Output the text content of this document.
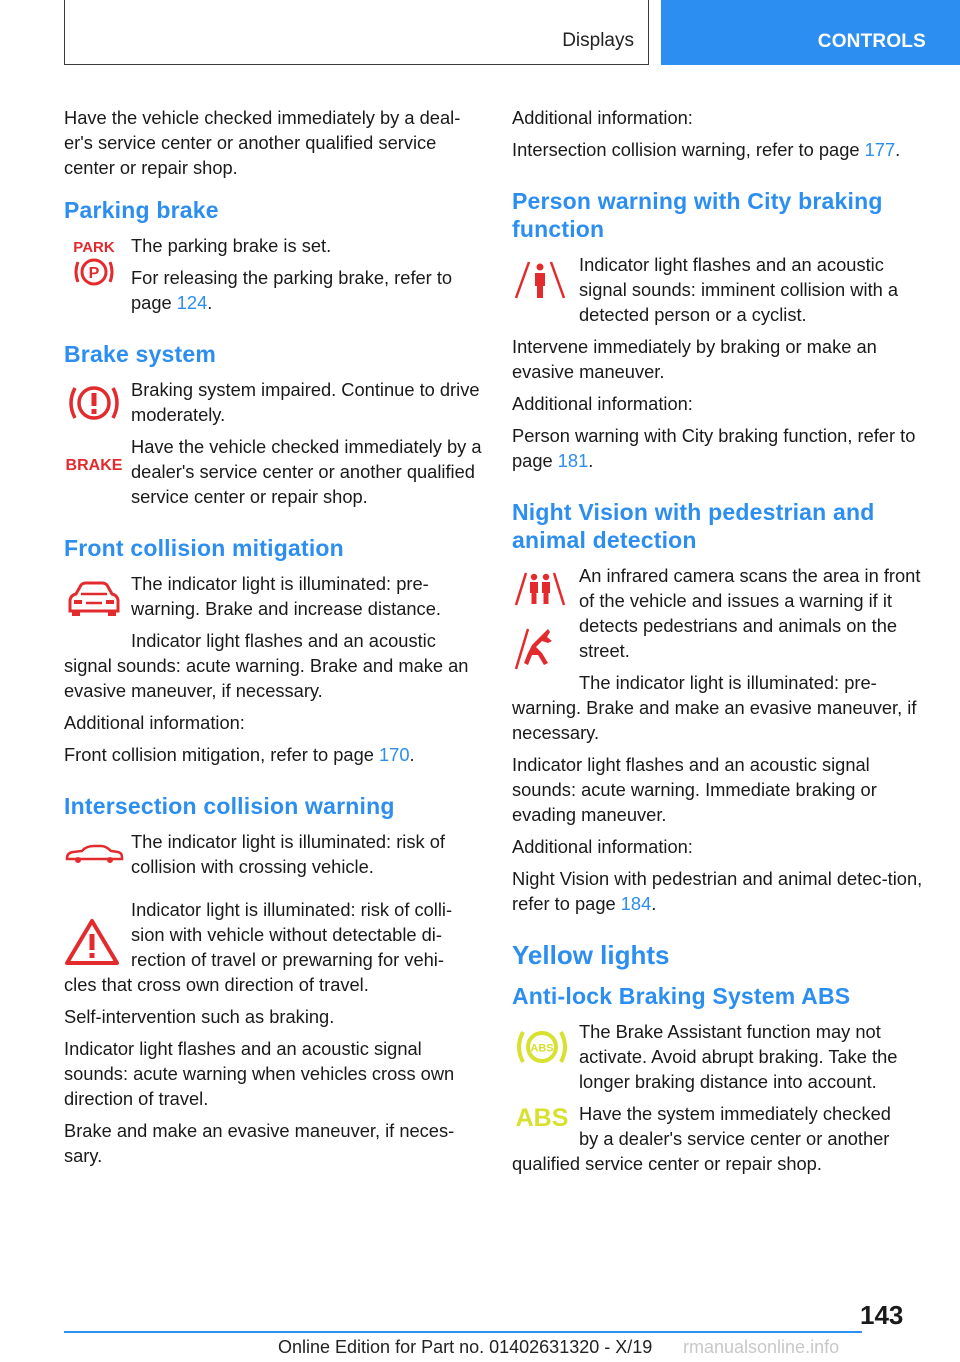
Displays	CONTROLS

Have the vehicle checked immediately by a deal‐er's service center or another qualified service center or repair shop.

Parking brake
PARK
P

The parking brake is set.

For releasing the parking brake, refer to page 124.

Brake system
BRAKE

Braking system impaired. Continue to drive moderately.

Have the vehicle checked immediately by a dealer's service center or another qualified service center or repair shop.

Front collision mitigation

The indicator light is illuminated: pre‐warning. Brake and increase distance.

Indicator light flashes and an acoustic
signal sounds: acute warning. Brake and make an evasive maneuver, if necessary.

Additional information:

Front collision mitigation, refer to page 170.

Intersection collision warning

The indicator light is illuminated: risk of collision with crossing vehicle.

Indicator light is illuminated: risk of colli‐sion with vehicle without detectable di‐rection of travel or prewarning for vehi‐
cles that cross own direction of travel.

Self-intervention such as braking.

Indicator light flashes and an acoustic signal sounds: acute warning when vehicles cross own direction of travel.

Brake and make an evasive maneuver, if neces‐sary.

Additional information:

Intersection collision warning, refer to page 177.

Person warning with City braking function

Indicator light flashes and an acoustic signal sounds: imminent collision with a detected person or a cyclist.

Intervene immediately by braking or make an evasive maneuver.

Additional information:

Person warning with City braking function, refer to page 181.

Night Vision with pedestrian and animal detection

An infrared camera scans the area in front of the vehicle and issues a warning if it detects pedestrians and animals on the street.

The indicator light is illuminated: pre‐
warning. Brake and make an evasive maneuver, if necessary.

Indicator light flashes and an acoustic signal sounds: acute warning. Immediate braking or evading maneuver.

Additional information:

Night Vision with pedestrian and animal detec‐tion, refer to page 184.

Yellow lights
Anti-lock Braking System ABS
ABS
ABS

The Brake Assistant function may not activate. Avoid abrupt braking. Take the longer braking distance into account.

Have the system immediately checked
by a dealer's service center or another
qualified service center or repair shop.

143
Online Edition for Part no. 01402631320 - X/19 rmanualsonline.info
